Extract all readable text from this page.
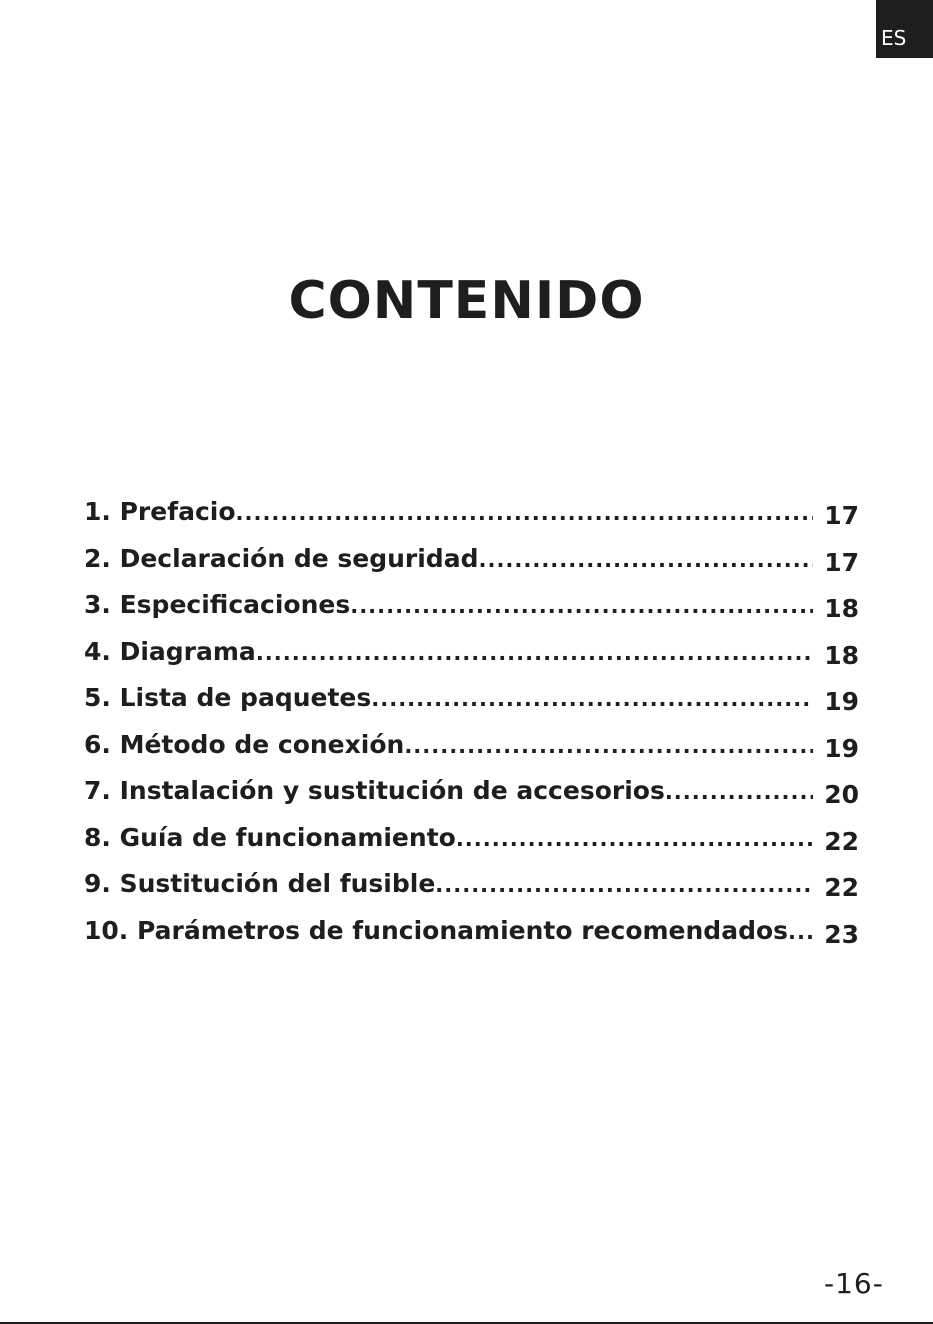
ES
CONTENIDO
1. Prefacio .....	17
2. Declaración de seguridad .....	17
3. Especificaciones .....	18
4. Diagrama .....	18
5. Lista de paquetes .....	19
6. Método de conexión .....	19
7. Instalación y sustitución de accesorios .....	20
8. Guía de funcionamiento .....	22
9. Sustitución del fusible .....	22
10. Parámetros de funcionamiento recomendados .....	23
-16-
